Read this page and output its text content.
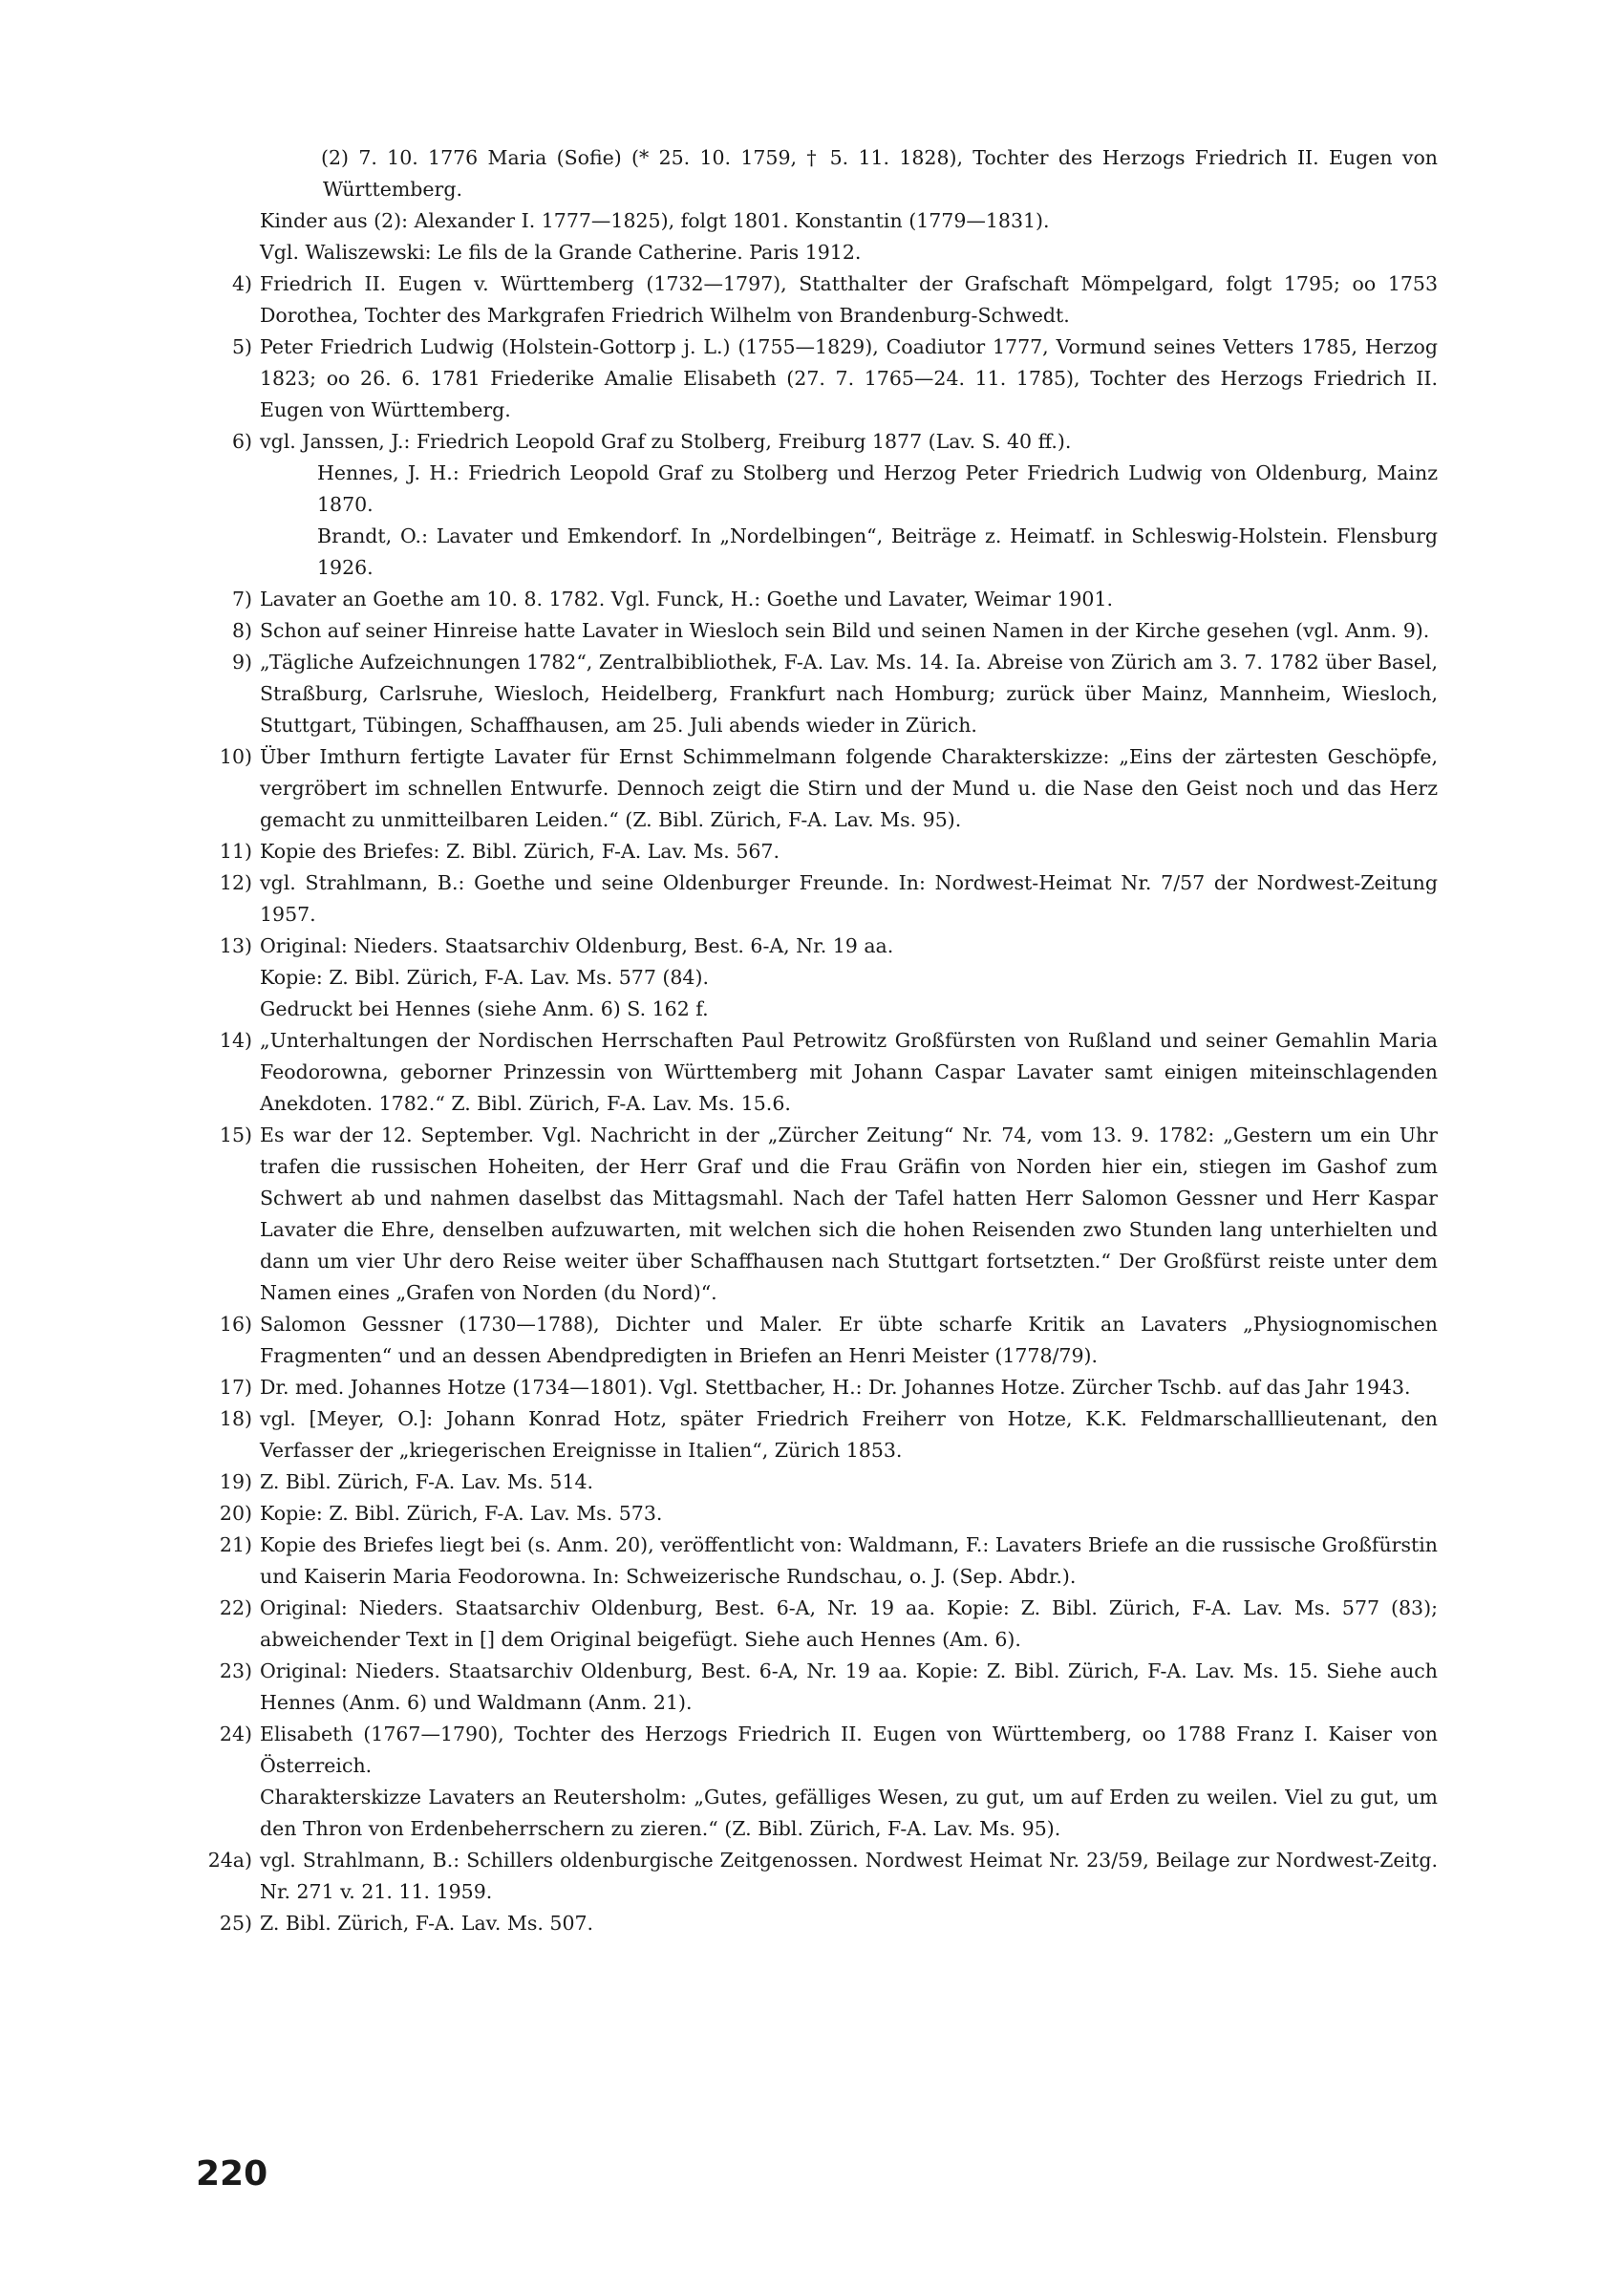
(2) 7. 10. 1776 Maria (Sofie) (* 25. 10. 1759, † 5. 11. 1828), Tochter des Herzogs Friedrich II. Eugen von Württemberg.

Kinder aus (2): Alexander I. 1777—1825), folgt 1801. Konstantin (1779—1831).

Vgl. Waliszewski: Le fils de la Grande Catherine. Paris 1912.

4) Friedrich II. Eugen v. Württemberg (1732—1797), Statthalter der Grafschaft Mömpelgard, folgt 1795; oo 1753 Dorothea, Tochter des Markgrafen Friedrich Wilhelm von Brandenburg-Schwedt.

5) Peter Friedrich Ludwig (Holstein-Gottorp j. L.) (1755—1829), Coadiutor 1777, Vormund seines Vetters 1785, Herzog 1823; oo 26. 6. 1781 Friederike Amalie Elisabeth (27. 7. 1765—24. 11. 1785), Tochter des Herzogs Friedrich II. Eugen von Württemberg.

6) vgl. Janssen, J.: Friedrich Leopold Graf zu Stolberg, Freiburg 1877 (Lav. S. 40 ff.).

Hennes, J. H.: Friedrich Leopold Graf zu Stolberg und Herzog Peter Friedrich Ludwig von Oldenburg, Mainz 1870.

Brandt, O.: Lavater und Emkendorf. In „Nordelbingen“, Beiträge z. Heimatf. in Schleswig-Holstein. Flensburg 1926.

7) Lavater an Goethe am 10. 8. 1782. Vgl. Funck, H.: Goethe und Lavater, Weimar 1901.

8) Schon auf seiner Hinreise hatte Lavater in Wiesloch sein Bild und seinen Namen in der Kirche gesehen (vgl. Anm. 9).

9) „Tägliche Aufzeichnungen 1782“, Zentralbibliothek, F-A. Lav. Ms. 14. Ia. Abreise von Zürich am 3. 7. 1782 über Basel, Straßburg, Carlsruhe, Wiesloch, Heidelberg, Frankfurt nach Homburg; zurück über Mainz, Mannheim, Wiesloch, Stuttgart, Tübingen, Schaffhausen, am 25. Juli abends wieder in Zürich.

10) Über Imthurn fertigte Lavater für Ernst Schimmelmann folgende Charakterskizze: „Eins der zärtesten Geschöpfe, vergröbert im schnellen Entwurfe. Dennoch zeigt die Stirn und der Mund u. die Nase den Geist noch und das Herz gemacht zu unmitteilbaren Leiden.“ (Z. Bibl. Zürich, F-A. Lav. Ms. 95).

11) Kopie des Briefes: Z. Bibl. Zürich, F-A. Lav. Ms. 567.

12) vgl. Strahlmann, B.: Goethe und seine Oldenburger Freunde. In: Nordwest-Heimat Nr. 7/57 der Nordwest-Zeitung 1957.

13) Original: Nieders. Staatsarchiv Oldenburg, Best. 6-A, Nr. 19 aa.

Kopie: Z. Bibl. Zürich, F-A. Lav. Ms. 577 (84).

Gedruckt bei Hennes (siehe Anm. 6) S. 162 f.

14) „Unterhaltungen der Nordischen Herrschaften Paul Petrowitz Großfürsten von Rußland und seiner Gemahlin Maria Feodorowna, geborner Prinzessin von Württemberg mit Johann Caspar Lavater samt einigen miteinschlagenden Anekdoten. 1782.“ Z. Bibl. Zürich, F-A. Lav. Ms. 15.6.

15) Es war der 12. September. Vgl. Nachricht in der „Zürcher Zeitung“ Nr. 74, vom 13. 9. 1782: „Gestern um ein Uhr trafen die russischen Hoheiten, der Herr Graf und die Frau Gräfin von Norden hier ein, stiegen im Gashof zum Schwert ab und nahmen daselbst das Mittagsmahl. Nach der Tafel hatten Herr Salomon Gessner und Herr Kaspar Lavater die Ehre, denselben aufzuwarten, mit welchen sich die hohen Reisenden zwo Stunden lang unterhielten und dann um vier Uhr dero Reise weiter über Schaffhausen nach Stuttgart fortsetzten.“ Der Großfürst reiste unter dem Namen eines „Grafen von Norden (du Nord)“.

16) Salomon Gessner (1730—1788), Dichter und Maler. Er übte scharfe Kritik an Lavaters „Physiognomischen Fragmenten“ und an dessen Abendpredigten in Briefen an Henri Meister (1778/79).

17) Dr. med. Johannes Hotze (1734—1801). Vgl. Stettbacher, H.: Dr. Johannes Hotze. Zürcher Tschb. auf das Jahr 1943.

18) vgl. [Meyer, O.]: Johann Konrad Hotz, später Friedrich Freiherr von Hotze, K.K. Feldmarschalllieutenant, den Verfasser der „kriegerischen Ereignisse in Italien“, Zürich 1853.

19) Z. Bibl. Zürich, F-A. Lav. Ms. 514.

20) Kopie: Z. Bibl. Zürich, F-A. Lav. Ms. 573.

21) Kopie des Briefes liegt bei (s. Anm. 20), veröffentlicht von: Waldmann, F.: Lavaters Briefe an die russische Großfürstin und Kaiserin Maria Feodorowna. In: Schweizerische Rundschau, o. J. (Sep. Abdr.).

22) Original: Nieders. Staatsarchiv Oldenburg, Best. 6-A, Nr. 19 aa. Kopie: Z. Bibl. Zürich, F-A. Lav. Ms. 577 (83); abweichender Text in [] dem Original beigefügt. Siehe auch Hennes (Am. 6).

23) Original: Nieders. Staatsarchiv Oldenburg, Best. 6-A, Nr. 19 aa. Kopie: Z. Bibl. Zürich, F-A. Lav. Ms. 15. Siehe auch Hennes (Anm. 6) und Waldmann (Anm. 21).

24) Elisabeth (1767—1790), Tochter des Herzogs Friedrich II. Eugen von Württemberg, oo 1788 Franz I. Kaiser von Österreich.

Charakterskizze Lavaters an Reutersholm: „Gutes, gefälliges Wesen, zu gut, um auf Erden zu weilen. Viel zu gut, um den Thron von Erdenbeherrschern zu zieren.“ (Z. Bibl. Zürich, F-A. Lav. Ms. 95).

24a) vgl. Strahlmann, B.: Schillers oldenburgische Zeitgenossen. Nordwest Heimat Nr. 23/59, Beilage zur Nordwest-Zeitg. Nr. 271 v. 21. 11. 1959.

25) Z. Bibl. Zürich, F-A. Lav. Ms. 507.

220
